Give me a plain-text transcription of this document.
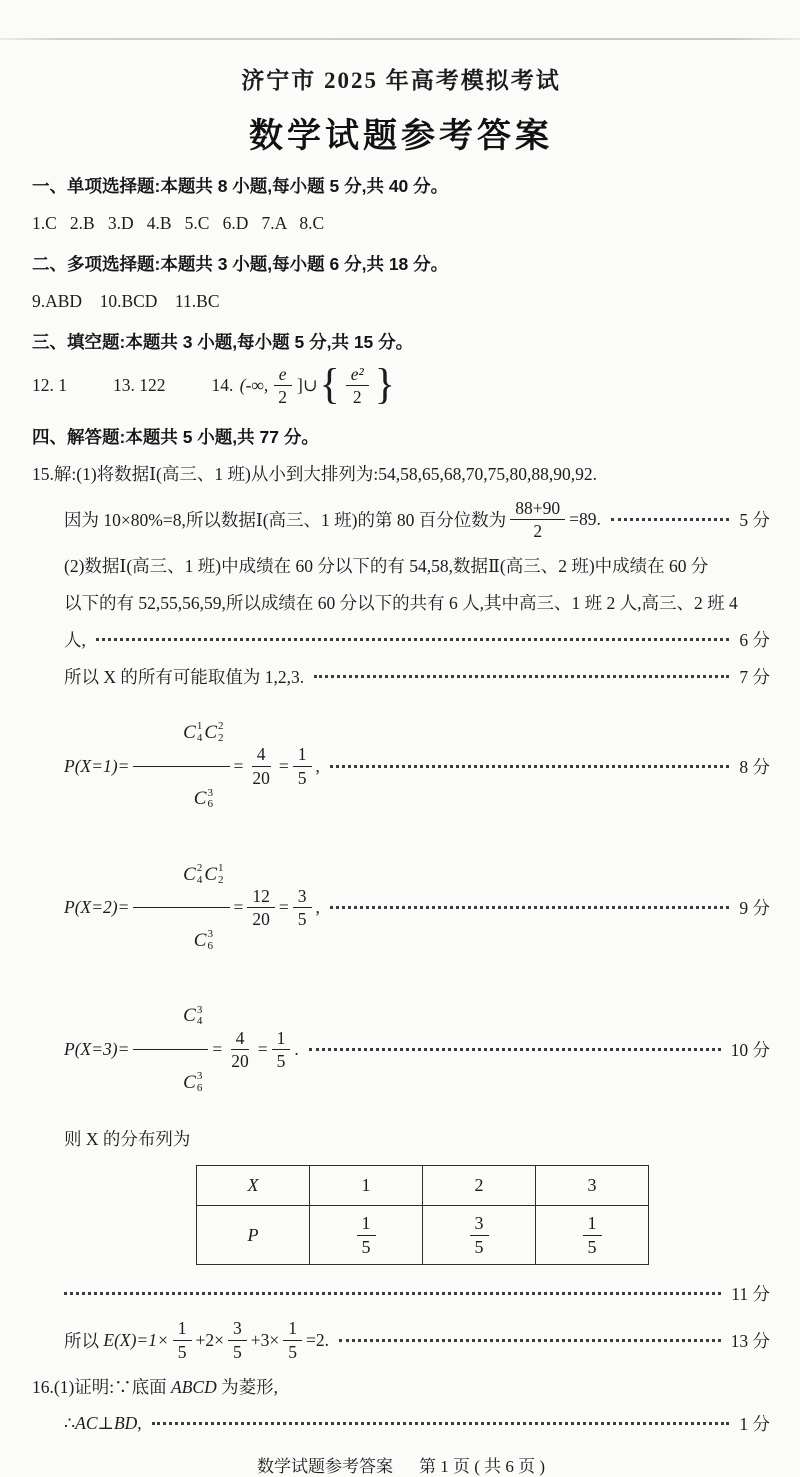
济宁市 2025 年高考模拟考试
数学试题参考答案
一、单项选择题:本题共 8 小题,每小题 5 分,共 40 分。
1.C   2.B   3.D   4.B   5.C   6.D   7.A   8.C
二、多项选择题:本题共 3 小题,每小题 6 分,共 18 分。
9.ABD    10.BCD    11.BC
三、填空题:本题共 3 小题,每小题 5 分,共 15 分。
12. 1	13. 122	14.
(-∞, $\frac{e}{2}$ ]∪ { $\frac{\text{e²}}{2}$ }
四、解答题:本题共 5 小题,共 77 分。
15.解:(1)将数据Ⅰ(高三、1 班)从小到大排列为:54,58,65,68,70,75,80,88,90,92.
因为 10×80%=8,所以数据Ⅰ(高三、1 班)的第 80 百分位数为 $\frac{88+90}{2} =89$.	5 分
(2)数据Ⅰ(高三、1 班)中成绩在 60 分以下的有 54,58,数据Ⅱ(高三、2 班)中成绩在 60 分
以下的有 52,55,56,59,所以成绩在 60 分以下的共有 6 人,其中高三、1 班 2 人,高三、2 班 4
人,	6 分
所以 X 的所有可能取值为 1,2,3.	7 分
P(X=1)=

C 1
4 C 2
2

C 3
6

= $\frac{4}{20} = \frac{1}{5}$ ,	8 分
P(X=2)=

C 2
4 C 1
2

C 3
6

= $\frac{12}{20} = \frac{3}{5}$ ,	9 分
P(X=3)=

C 3
4

C 3
6

= $\frac{4}{20} = \frac{1}{5}$ .	10 分
则 X 的分布列为
X	1	2	3
P	$\frac{1}{5}$	$\frac{3}{5}$	$\frac{1}{5}$
11 分
所以 $E(X)=1\times \frac{1}{5} +2\times \frac{3}{5} +3\times \frac{1}{5} =2$.	13 分
16.(1)证明:∵底面 ABCD 为菱形,
∴ AC⊥BD ,	1 分
数学试题参考答案 第 1 页 ( 共 6 页 )
